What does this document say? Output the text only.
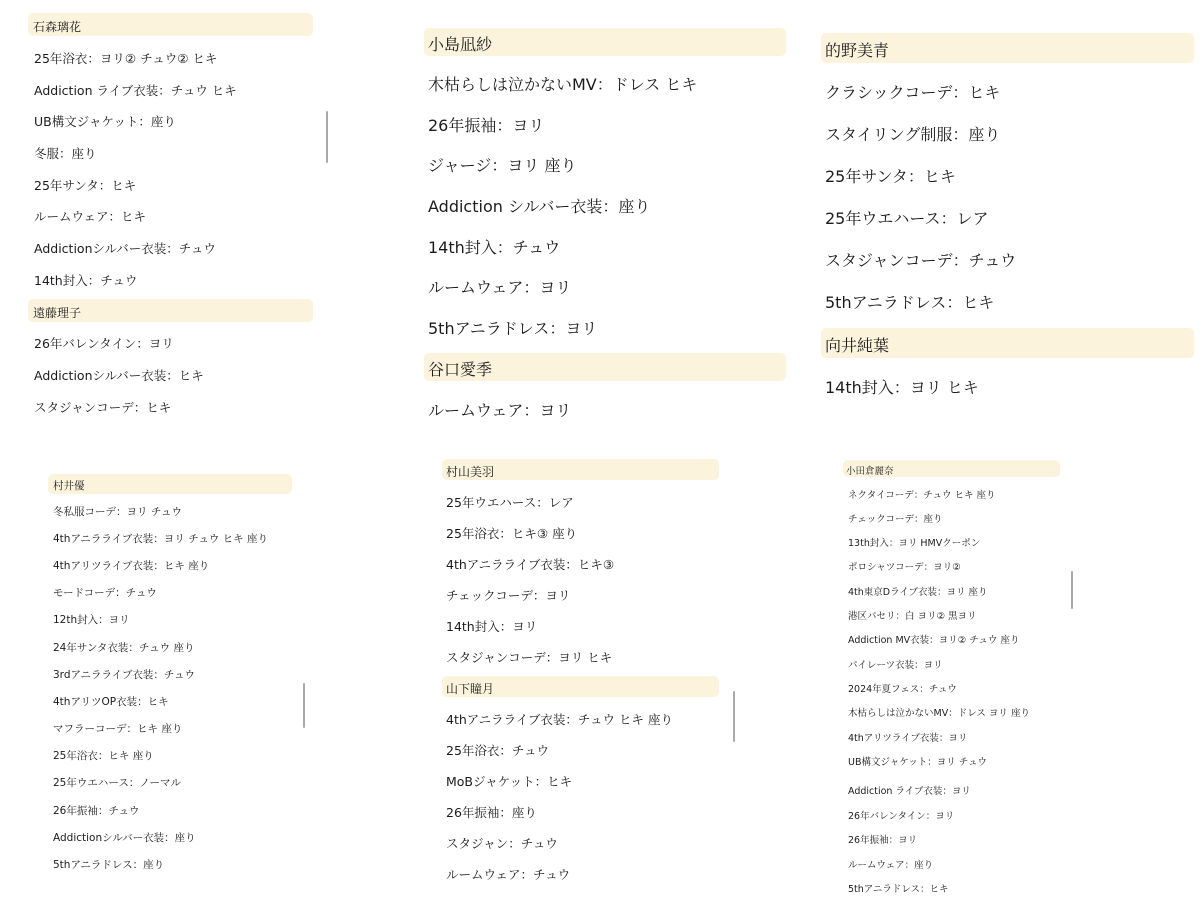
石森璃花
25年浴衣：ヨリ② チュウ② ヒキ
Addiction ライブ衣装：チュウ ヒキ
UB構文ジャケット：座り
冬服：座り
25年サンタ：ヒキ
ルームウェア：ヒキ
Addictionシルバー衣装：チュウ
14th封入：チュウ
遠藤理子
26年バレンタイン：ヨリ
Addictionシルバー衣装：ヒキ
スタジャンコーデ：ヒキ
小島凪紗
木枯らしは泣かないMV：ドレス ヒキ
26年振袖：ヨリ
ジャージ：ヨリ 座り
Addiction シルバー衣装：座り
14th封入：チュウ
ルームウェア：ヨリ
5thアニラドレス：ヨリ
谷口愛季
ルームウェア：ヨリ
的野美青
クラシックコーデ：ヒキ
スタイリング制服：座り
25年サンタ：ヒキ
25年ウエハース：レア
スタジャンコーデ：チュウ
5thアニラドレス：ヒキ
向井純葉
14th封入：ヨリ ヒキ
村井優
冬私服コーデ：ヨリ チュウ
4thアニラライブ衣装：ヨリ チュウ ヒキ 座り
4thアリツライブ衣装：ヒキ 座り
モードコーデ：チュウ
12th封入：ヨリ
24年サンタ衣装：チュウ 座り
3rdアニラライブ衣装：チュウ
4thアリツOP衣装：ヒキ
マフラーコーデ：ヒキ 座り
25年浴衣：ヒキ 座り
25年ウエハース：ノーマル
26年振袖：チュウ
Addictionシルバー衣装：座り
5thアニラドレス：座り
村山美羽
25年ウエハース：レア
25年浴衣：ヒキ③ 座り
4thアニラライブ衣装：ヒキ③
チェックコーデ：ヨリ
14th封入：ヨリ
スタジャンコーデ：ヨリ ヒキ
山下瞳月
4thアニラライブ衣装：チュウ ヒキ 座り
25年浴衣：チュウ
MoBジャケット：ヒキ
26年振袖：座り
スタジャン：チュウ
ルームウェア：チュウ
小田倉麗奈
ネクタイコーデ：チュウ ヒキ 座り
チェックコーデ：座り
13th封入：ヨリ HMVクーポン
ポロシャツコーデ：ヨリ②
4th東京Dライブ衣装：ヨリ 座り
港区パセリ：白 ヨリ② 黒ヨリ
Addiction MV衣装：ヨリ② チュウ 座り
パイレーツ衣装：ヨリ
2024年夏フェス：チュウ
木枯らしは泣かないMV：ドレス ヨリ 座り
4thアリツライブ衣装：ヨリ
UB構文ジャケット：ヨリ チュウ
Addiction ライブ衣装：ヨリ
26年バレンタイン：ヨリ
26年振袖：ヨリ
ルームウェア：座り
5thアニラドレス：ヒキ
